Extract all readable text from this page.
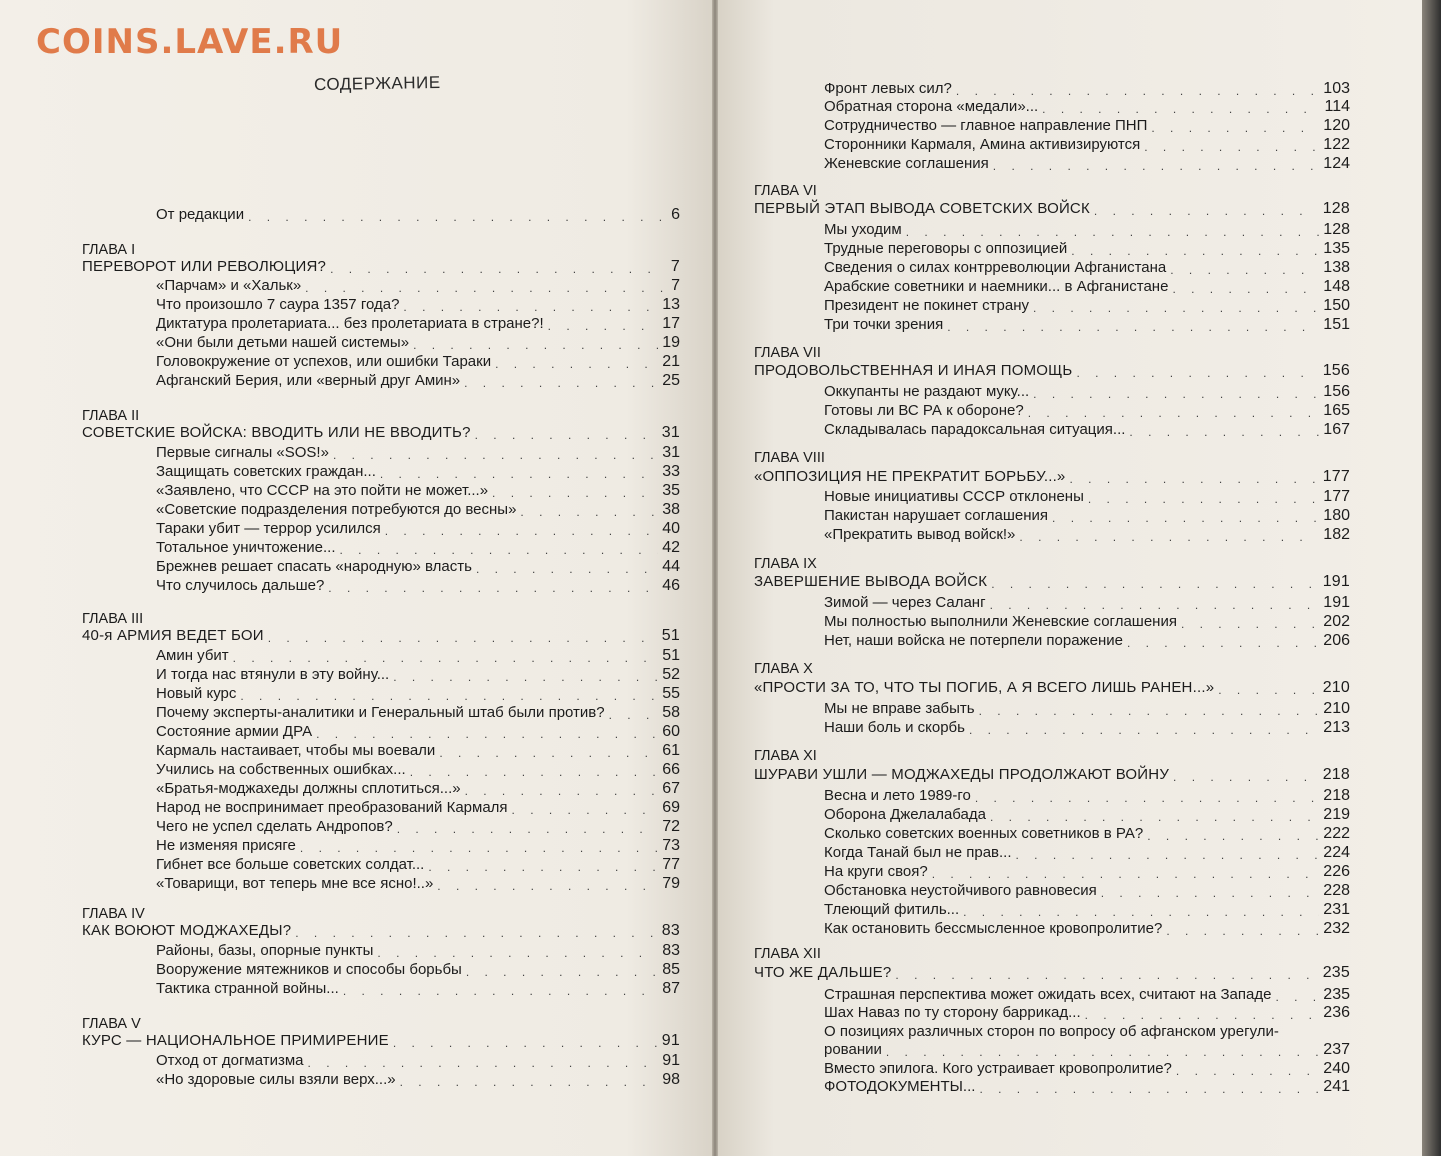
COINS.LAVE.RU
СОДЕРЖАНИЕ
От редакции . . .	6
ГЛАВА I
ПЕРЕВОРОТ ИЛИ РЕВОЛЮЦИЯ? . . .	7
«Парчам» и «Хальк» . . .	7
Что произошло 7 саура 1357 года? . . .	13
Диктатура пролетариата... без пролетариата в стране?! . . .	17
«Они были детьми нашей системы» . . .	19
Головокружение от успехов, или ошибки Тараки . . .	21
Афганский Берия, или «верный друг Амин» . . .	25
ГЛАВА II
СОВЕТСКИЕ ВОЙСКА: ВВОДИТЬ ИЛИ НЕ ВВОДИТЬ? . . .	31
Первые сигналы «SOS!» . . .	31
Защищать советских граждан... . . .	33
«Заявлено, что СССР на это пойти не может...» . . .	35
«Советские подразделения потребуются до весны» . . .	38
Тараки убит — террор усилился . . .	40
Тотальное уничтожение... . . .	42
Брежнев решает спасать «народную» власть . . .	44
Что случилось дальше? . . .	46
ГЛАВА III
40-я АРМИЯ ВЕДЕТ БОИ . . .	51
Амин убит . . .	51
И тогда нас втянули в эту войну... . . .	52
Новый курс . . .	55
Почему эксперты-аналитики и Генеральный штаб были против? . . .	58
Состояние армии ДРА . . .	60
Кармаль настаивает, чтобы мы воевали . . .	61
Учились на собственных ошибках... . . .	66
«Братья-моджахеды должны сплотиться...» . . .	67
Народ не воспринимает преобразований Кармаля . . .	69
Чего не успел сделать Андропов? . . .	72
Не изменяя присяге . . .	73
Гибнет все больше советских солдат... . . .	77
«Товарищи, вот теперь мне все ясно!..» . . .	79
ГЛАВА IV
КАК ВОЮЮТ МОДЖАХЕДЫ? . . .	83
Районы, базы, опорные пункты . . .	83
Вооружение мятежников и способы борьбы . . .	85
Тактика странной войны... . . .	87
ГЛАВА V
КУРС — НАЦИОНАЛЬНОЕ ПРИМИРЕНИЕ . . .	91
Отход от догматизма . . .	91
«Но здоровые силы взяли верх...» . . .	98
Фронт левых сил? . . .	103
Обратная сторона «медали»... . . .	114
Сотрудничество — главное направление ПНП . . .	120
Сторонники Кармаля, Амина активизируются . . .	122
Женевские соглашения . . .	124
ГЛАВА VI
ПЕРВЫЙ ЭТАП ВЫВОДА СОВЕТСКИХ ВОЙСК . . .	128
Мы уходим . . .	128
Трудные переговоры с оппозицией . . .	135
Сведения о силах контрреволюции Афганистана . . .	138
Арабские советники и наемники... в Афганистане . . .	148
Президент не покинет страну . . .	150
Три точки зрения . . .	151
ГЛАВА VII
ПРОДОВОЛЬСТВЕННАЯ И ИНАЯ ПОМОЩЬ . . .	156
Оккупанты не раздают муку... . . .	156
Готовы ли ВС РА к обороне? . . .	165
Складывалась парадоксальная ситуация... . . .	167
ГЛАВА VIII
«ОППОЗИЦИЯ НЕ ПРЕКРАТИТ БОРЬБУ...» . . .	177
Новые инициативы СССР отклонены . . .	177
Пакистан нарушает соглашения . . .	180
«Прекратить вывод войск!» . . .	182
ГЛАВА IX
ЗАВЕРШЕНИЕ ВЫВОДА ВОЙСК . . .	191
Зимой — через Саланг . . .	191
Мы полностью выполнили Женевские соглашения . . .	202
Нет, наши войска не потерпели поражение . . .	206
ГЛАВА X
«ПРОСТИ ЗА ТО, ЧТО ТЫ ПОГИБ, А Я ВСЕГО ЛИШЬ РАНЕН...» . . .	210
Мы не вправе забыть . . .	210
Наши боль и скорбь . . .	213
ГЛАВА XI
ШУРАВИ УШЛИ — МОДЖАХЕДЫ ПРОДОЛЖАЮТ ВОЙНУ . . .	218
Весна и лето 1989-го . . .	218
Оборона Джелалабада . . .	219
Сколько советских военных советников в РА? . . .	222
Когда Танай был не прав... . . .	224
На круги своя? . . .	226
Обстановка неустойчивого равновесия . . .	228
Тлеющий фитиль... . . .	231
Как остановить бессмысленное кровопролитие? . . .	232
ГЛАВА XII
ЧТО ЖЕ ДАЛЬШЕ? . . .	235
Страшная перспектива может ожидать всех, считают на Западе . . .	235
Шах Наваз по ту сторону баррикад... . . .	236
О позициях различных сторон по вопросу об афганском урегули-
ровании . . .	237
Вместо эпилога. Кого устраивает кровопролитие? . . .	240
ФОТОДОКУМЕНТЫ... . . .	241
